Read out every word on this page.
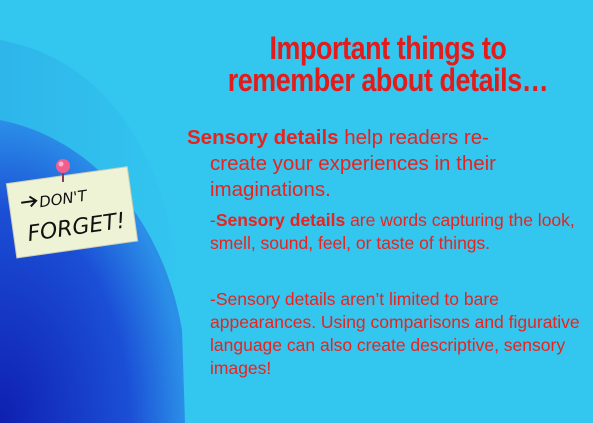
DON'T
FORGET!
Important things to
remember about details…
Sensory details help readers re-
create your experiences in their
imaginations.
-Sensory details are words capturing the look, smell, sound, feel, or taste of things.
-Sensory details aren’t limited to bare appearances. Using comparisons and figurative language can also create descriptive, sensory images!
